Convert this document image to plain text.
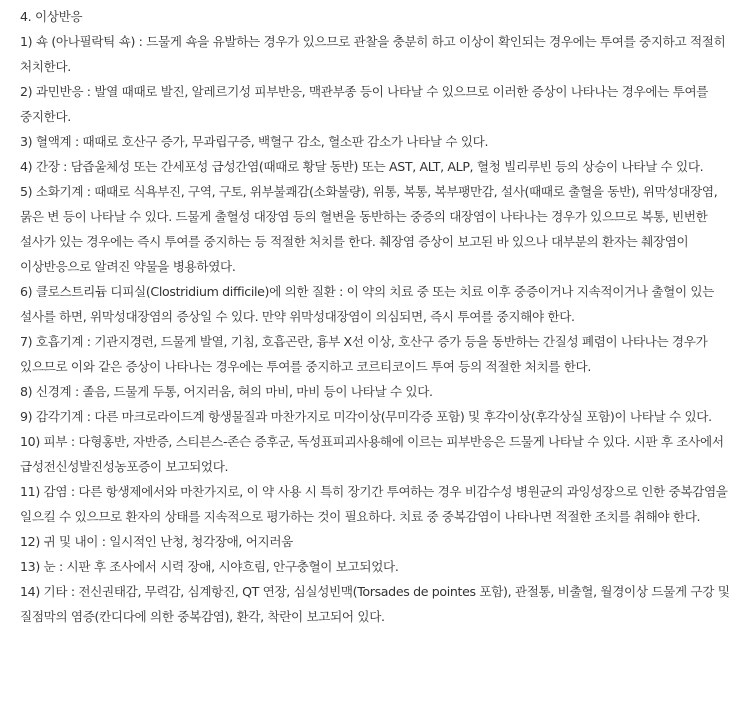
4. 이상반응

1) 쇽 (아나필락틱 쇽) : 드물게 쇽을 유발하는 경우가 있으므로 관찰을 충분히 하고 이상이 확인되는 경우에는 투여를 중지하고 적절히 처치한다.

2) 과민반응 : 발열 때때로 발진, 알레르기성 피부반응, 맥관부종 등이 나타날 수 있으므로 이러한 증상이 나타나는 경우에는 투여를 중지한다.

3) 혈액계 : 때때로 호산구 증가, 무과립구증, 백혈구 감소, 혈소판 감소가 나타날 수 있다.

4) 간장 : 담즙울체성 또는 간세포성 급성간염(때때로 황달 동반) 또는 AST, ALT, ALP, 혈청 빌리루빈 등의 상승이 나타날 수 있다.

5) 소화기계 : 때때로 식욕부진, 구역, 구토, 위부불쾌감(소화불량), 위통, 복통, 복부팽만감, 설사(때때로 출혈을 동반), 위막성대장염, 묽은 변 등이 나타날 수 있다. 드물게 출혈성 대장염 등의 혈변을 동반하는 중증의 대장염이 나타나는 경우가 있으므로 복통, 빈번한 설사가 있는 경우에는 즉시 투여를 중지하는 등 적절한 처치를 한다. 췌장염 증상이 보고된 바 있으나 대부분의 환자는 췌장염이 이상반응으로 알려진 약물을 병용하였다.

6) 클로스트리듐 디피실(Clostridium difficile)에 의한 질환 : 이 약의 치료 중 또는 치료 이후 중증이거나 지속적이거나 출혈이 있는 설사를 하면, 위막성대장염의 증상일 수 있다. 만약 위막성대장염이 의심되면, 즉시 투여를 중지해야 한다.

7) 호흡기계 : 기관지경련, 드물게 발열, 기침, 호흡곤란, 흉부 X선 이상, 호산구 증가 등을 동반하는 간질성 폐렴이 나타나는 경우가 있으므로 이와 같은 증상이 나타나는 경우에는 투여를 중지하고 코르티코이드 투여 등의 적절한 처치를 한다.

8) 신경계 : 졸음, 드물게 두통, 어지러움, 혀의 마비, 마비 등이 나타날 수 있다.

9) 감각기계 : 다른 마크로라이드계 항생물질과 마찬가지로 미각이상(무미각증 포함) 및 후각이상(후각상실 포함)이 나타날 수 있다.

10) 피부 : 다형홍반, 자반증, 스티븐스-존슨 증후군, 독성표피괴사용해에 이르는 피부반응은 드물게 나타날 수 있다. 시판 후 조사에서 급성전신성발진성농포증이 보고되었다.

11) 감염 : 다른 항생제에서와 마찬가지로, 이 약 사용 시 특히 장기간 투여하는 경우 비감수성 병원균의 과잉성장으로 인한 중복감염을 일으킬 수 있으므로 환자의 상태를 지속적으로 평가하는 것이 필요하다. 치료 중 중복감염이 나타나면 적절한 조치를 취해야 한다.

12) 귀 및 내이 : 일시적인 난청, 청각장애, 어지러움

13) 눈 : 시판 후 조사에서 시력 장애, 시야흐림, 안구충혈이 보고되었다.

14) 기타 : 전신권태감, 무력감, 심계항진, QT 연장, 심실성빈맥(Torsades de pointes 포함), 관절통, 비출혈, 월경이상 드물게 구강 및 질점막의 염증(칸디다에 의한 중복감염), 환각, 착란이 보고되어 있다.
